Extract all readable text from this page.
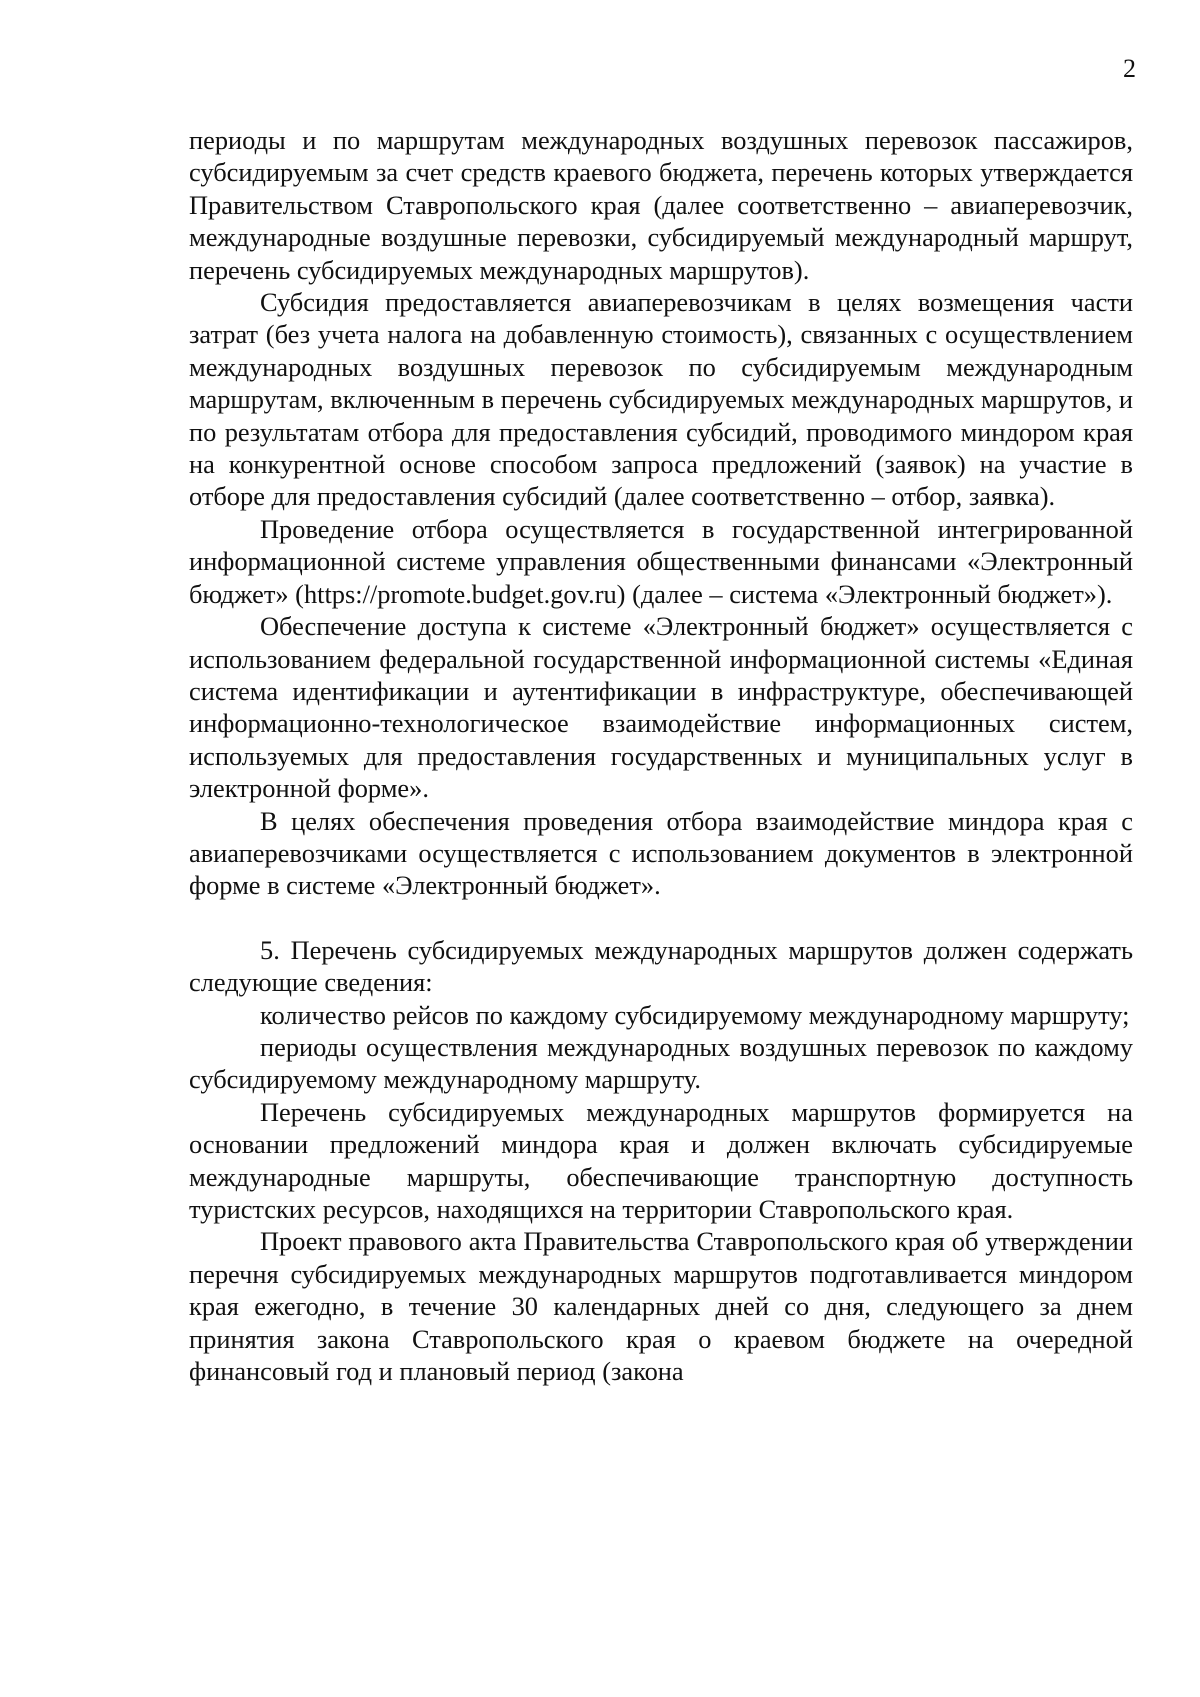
2

периоды и по маршрутам международных воздушных перевозок пассажиров, субсидируемым за счет средств краевого бюджета, перечень которых утверждается Правительством Ставропольского края (далее соответственно – авиаперевозчик, международные воздушные перевозки, субсидируемый международный маршрут, перечень субсидируемых международных маршрутов).

Субсидия предоставляется авиаперевозчикам в целях возмещения части затрат (без учета налога на добавленную стоимость), связанных с осуществлением международных воздушных перевозок по субсидируемым международным маршрутам, включенным в перечень субсидируемых международных маршрутов, и по результатам отбора для предоставления субсидий, проводимого миндором края на конкурентной основе способом запроса предложений (заявок) на участие в отборе для предоставления субсидий (далее соответственно – отбор, заявка).

Проведение отбора осуществляется в государственной интегрированной информационной системе управления общественными финансами «Электронный бюджет» (https://promote.budget.gov.ru) (далее – система «Электронный бюджет»).

Обеспечение доступа к системе «Электронный бюджет» осуществляется с использованием федеральной государственной информационной системы «Единая система идентификации и аутентификации в инфраструктуре, обеспечивающей информационно-технологическое взаимодействие информационных систем, используемых для предоставления государственных и муниципальных услуг в электронной форме».

В целях обеспечения проведения отбора взаимодействие миндора края с авиаперевозчиками осуществляется с использованием документов в электронной форме в системе «Электронный бюджет».

5. Перечень субсидируемых международных маршрутов должен содержать следующие сведения:

количество рейсов по каждому субсидируемому международному маршруту;

периоды осуществления международных воздушных перевозок по каждому субсидируемому международному маршруту.

Перечень субсидируемых международных маршрутов формируется на основании предложений миндора края и должен включать субсидируемые международные маршруты, обеспечивающие транспортную доступность туристских ресурсов, находящихся на территории Ставропольского края.

Проект правового акта Правительства Ставропольского края об утверждении перечня субсидируемых международных маршрутов подготавливается миндором края ежегодно, в течение 30 календарных дней со дня, следующего за днем принятия закона Ставропольского края о краевом бюджете на очередной финансовый год и плановый период (закона
